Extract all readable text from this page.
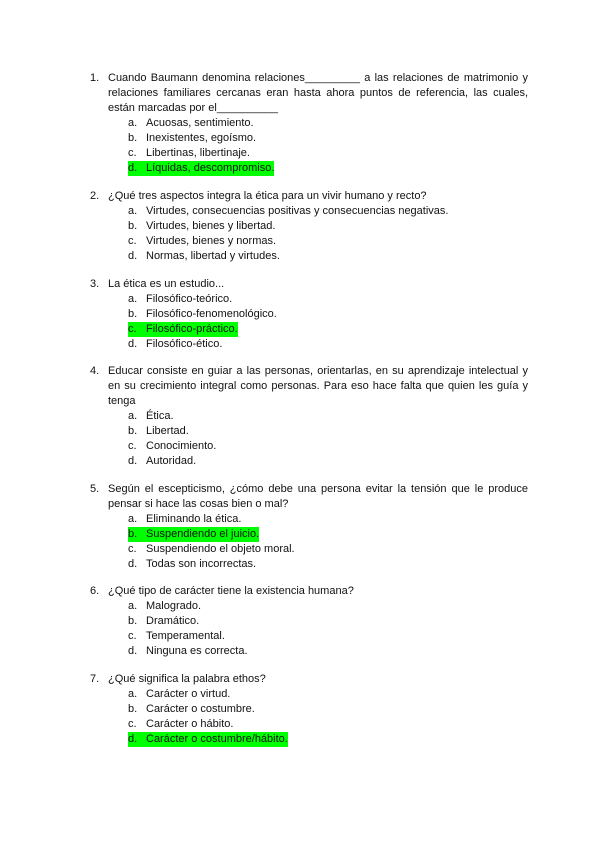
1. Cuando Baumann denomina relaciones_________ a las relaciones de matrimonio y relaciones familiares cercanas eran hasta ahora puntos de referencia, las cuales, están marcadas por el__________
a. Acuosas, sentimiento.
b. Inexistentes, egoísmo.
c. Libertinas, libertinaje.
d. Líquidas, descompromiso.
2. ¿Qué tres aspectos integra la ética para un vivir humano y recto?
a. Virtudes, consecuencias positivas y consecuencias negativas.
b. Virtudes, bienes y libertad.
c. Virtudes, bienes y normas.
d. Normas, libertad y virtudes.
3. La ética es un estudio...
a. Filosófico-teórico.
b. Filosófico-fenomenológico.
c. Filosófico-práctico.
d. Filosófico-ético.
4. Educar consiste en guiar a las personas, orientarlas, en su aprendizaje intelectual y en su crecimiento integral como personas. Para eso hace falta que quien les guía y tenga
a. Ética.
b. Libertad.
c. Conocimiento.
d. Autoridad.
5. Según el escepticismo, ¿cómo debe una persona evitar la tensión que le produce pensar si hace las cosas bien o mal?
a. Eliminando la ética.
b. Suspendiendo el juicio.
c. Suspendiendo el objeto moral.
d. Todas son incorrectas.
6. ¿Qué tipo de carácter tiene la existencia humana?
a. Malogrado.
b. Dramático.
c. Temperamental.
d. Ninguna es correcta.
7. ¿Qué significa la palabra ethos?
a. Carácter o virtud.
b. Carácter o costumbre.
c. Carácter o hábito.
d. Carácter o costumbre/hábito.
